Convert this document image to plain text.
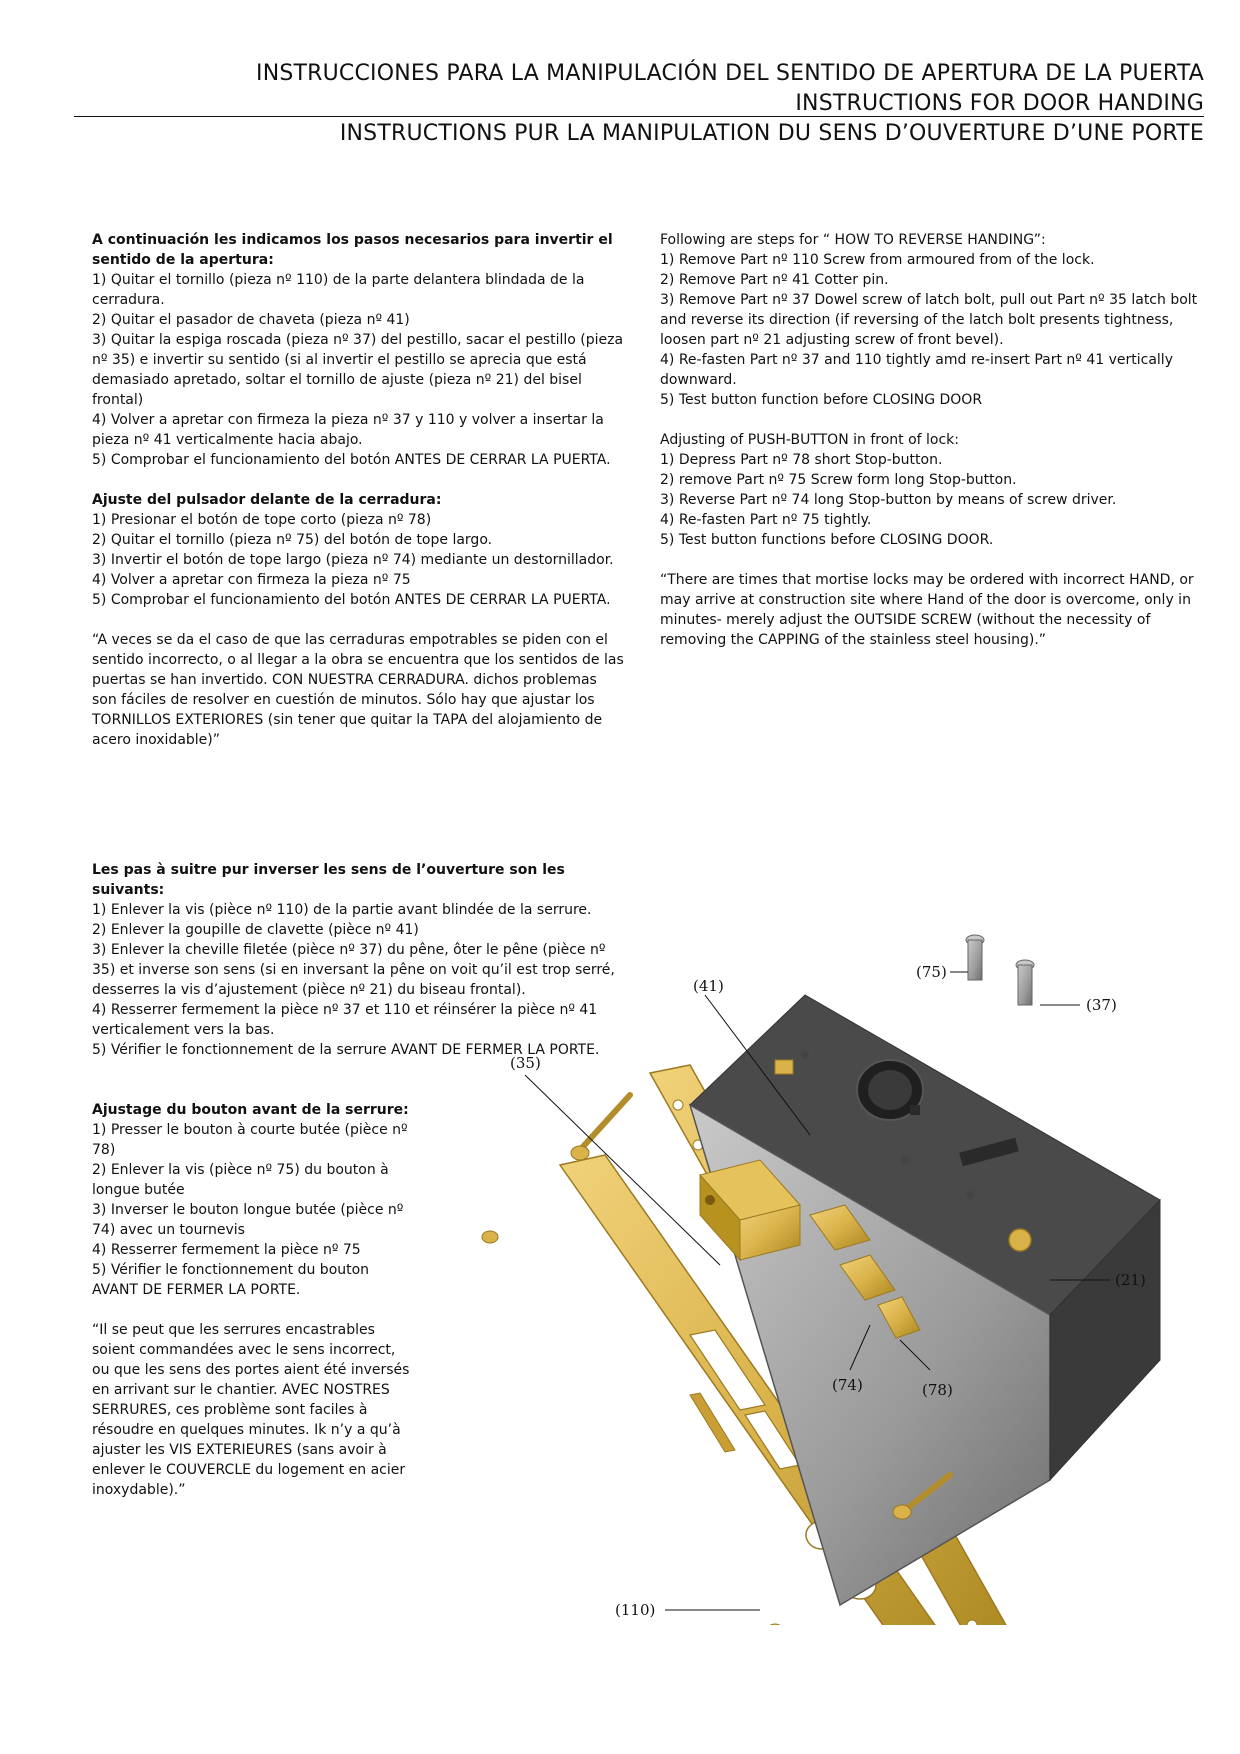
INSTRUCCIONES PARA LA MANIPULACIÓN DEL SENTIDO DE APERTURA DE LA PUERTA
INSTRUCTIONS FOR DOOR HANDING
INSTRUCTIONS PUR LA MANIPULATION DU SENS D’OUVERTURE D’UNE PORTE

A continuación les indicamos los pasos necesarios para invertir el sentido de la apertura:

1) Quitar el tornillo (pieza nº 110) de la parte delantera blindada de la cerradura.

2) Quitar el pasador de chaveta (pieza nº 41)

3) Quitar la espiga roscada (pieza nº 37) del pestillo, sacar el pestillo (pieza nº 35) e invertir su sentido (si al invertir el pestillo se aprecia que está demasiado apretado, soltar el tornillo de ajuste (pieza nº 21) del bisel frontal)

4) Volver a apretar con firmeza la pieza nº 37 y 110 y volver a insertar la pieza nº 41 verticalmente hacia abajo.

5) Comprobar el funcionamiento del botón ANTES DE CERRAR LA PUERTA.

Ajuste del pulsador delante de la cerradura:

1) Presionar el botón de tope corto (pieza nº 78)

2) Quitar el tornillo (pieza nº 75) del botón de tope largo.

3) Invertir el botón de tope largo (pieza nº 74) mediante un destornillador.

4) Volver a apretar con firmeza la pieza nº 75

5) Comprobar el funcionamiento del botón ANTES DE CERRAR LA PUERTA.

“A veces se da el caso de que las cerraduras empotrables se piden con el sentido incorrecto, o al llegar a la obra se encuentra que los sentidos de las puertas se han invertido. CON NUESTRA CERRADURA. dichos problemas son fáciles de resolver en cuestión de minutos. Sólo hay que ajustar los TORNILLOS EXTERIORES (sin tener que quitar la TAPA del alojamiento de acero inoxidable)”

Following are steps for “ HOW TO REVERSE HANDING”:

1) Remove Part nº 110 Screw from armoured from of the lock.

2) Remove Part nº 41 Cotter pin.

3) Remove Part nº 37 Dowel screw of latch bolt, pull out Part nº 35 latch bolt and reverse its direction (if reversing of the latch bolt presents tightness, loosen part nº 21 adjusting screw of front bevel).

4) Re-fasten Part nº 37 and 110 tightly amd re-insert Part nº 41 vertically downward.

5) Test button function before CLOSING DOOR

Adjusting of PUSH-BUTTON in front of lock:

1) Depress Part nº 78 short Stop-button.

2) remove Part nº 75 Screw form long Stop-button.

3) Reverse Part nº 74 long Stop-button by means of screw driver.

4) Re-fasten Part nº 75 tightly.

5) Test button functions before CLOSING DOOR.

“There are times that mortise locks may be ordered with incorrect HAND, or may arrive at construction site where Hand of the door is overcome, only in minutes- merely adjust the OUTSIDE SCREW (without the necessity of removing the CAPPING of the stainless steel housing).”

Les pas à suitre pur inverser les sens de l’ouverture son les suivants:

1) Enlever la vis (pièce nº 110) de la partie avant blindée de la serrure.

2) Enlever la goupille de clavette (pièce nº 41)

3) Enlever la cheville filetée (pièce nº 37) du pêne, ôter le pêne (pièce nº 35) et inverse son sens (si en inversant la pêne on voit qu’il est trop serré, desserres la vis d’ajustement (pièce nº 21) du biseau frontal).

4) Resserrer fermement la pièce nº 37 et 110 et réinsérer la pièce nº 41 verticalement vers la bas.

5) Vérifier le fonctionnement de la serrure AVANT DE FERMER LA PORTE.

Ajustage du bouton avant de la serrure:

1) Presser le bouton à courte butée (pièce nº 78)

2) Enlever la vis (pièce nº 75) du bouton à longue butée

3) Inverser le bouton longue butée (pièce nº 74) avec un tournevis

4) Resserrer fermement la pièce nº 75

5) Vérifier le fonctionnement du bouton AVANT DE FERMER LA PORTE.

“Il se peut que les serrures encastrables soient commandées avec le sens incorrect, ou que les sens des portes aient été inversés en arrivant sur le chantier. AVEC NOSTRES SERRURES, ces problème sont faciles à résoudre en quelques minutes. Ik n’y a qu’à ajuster les VIS EXTERIEURES (sans avoir à enlever le COUVERCLE du logement en acier inoxydable).”

(75)
(37)
(41)
(35)
(21)
(74)	(78)
(110)
